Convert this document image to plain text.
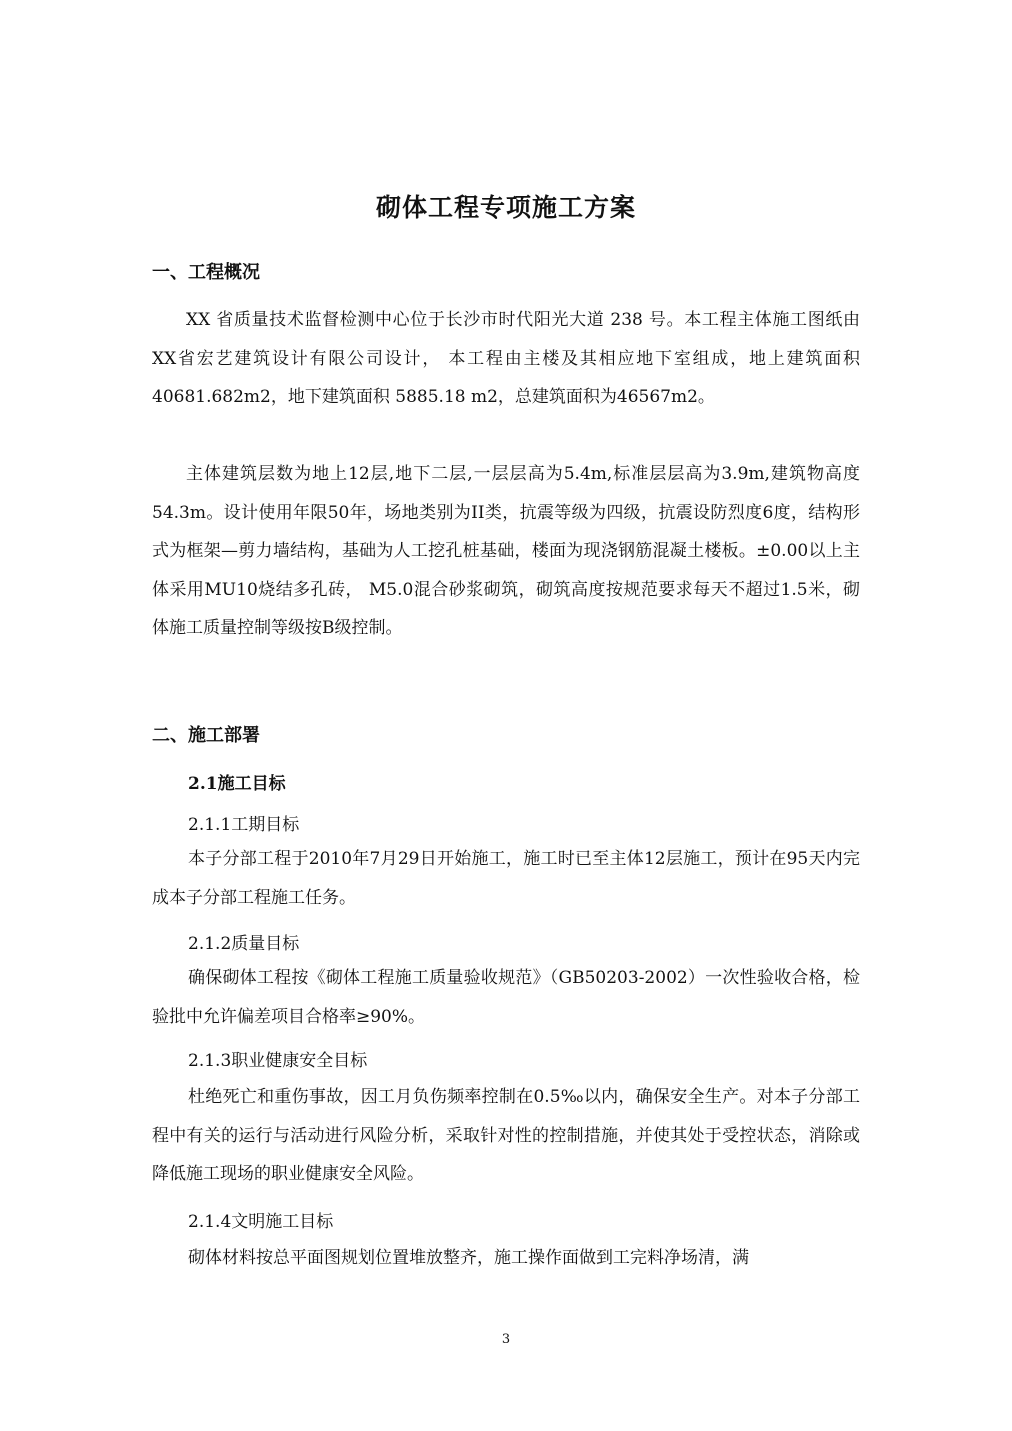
砌体工程专项施工方案
一、工程概况
XX 省质量技术监督检测中心位于长沙市时代阳光大道 238 号。本工程主体施工图纸由XX省宏艺建筑设计有限公司设计， 本工程由主楼及其相应地下室组成，地上建筑面积 40681.682m2，地下建筑面积 5885.18 m2，总建筑面积为46567m2。
主体建筑层数为地上12层,地下二层,一层层高为5.4m,标准层层高为3.9m,建筑物高度54.3m。设计使用年限50年，场地类别为II类，抗震等级为四级，抗震设防烈度6度，结构形式为框架—剪力墙结构，基础为人工挖孔桩基础，楼面为现浇钢筋混凝土楼板。±0.00以上主体采用MU10烧结多孔砖， M5.0混合砂浆砌筑，砌筑高度按规范要求每天不超过1.5米，砌体施工质量控制等级按B级控制。
二、施工部署
2.1施工目标
2.1.1工期目标
本子分部工程于2010年7月29日开始施工，施工时已至主体12层施工，预计在95天内完成本子分部工程施工任务。
2.1.2质量目标
确保砌体工程按《砌体工程施工质量验收规范》（GB50203-2002）一次性验收合格，检验批中允许偏差项目合格率≥90%。
2.1.3职业健康安全目标
杜绝死亡和重伤事故，因工月负伤频率控制在0.5‰以内，确保安全生产。对本子分部工程中有关的运行与活动进行风险分析，采取针对性的控制措施，并使其处于受控状态，消除或降低施工现场的职业健康安全风险。
2.1.4文明施工目标
砌体材料按总平面图规划位置堆放整齐，施工操作面做到工完料净场清，满
3
